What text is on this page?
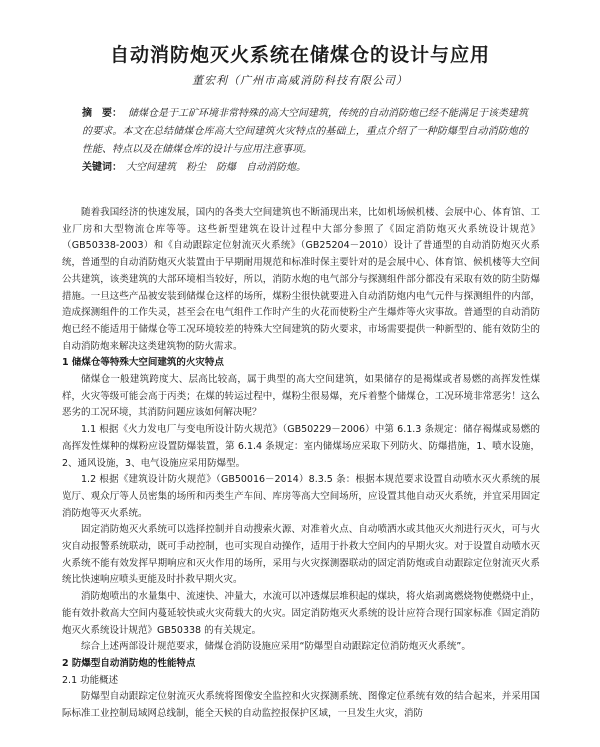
自动消防炮灭火系统在储煤仓的设计与应用
董宏利（广州市高威消防科技有限公司）
摘　要： 储煤仓是于工矿环境非常特殊的高大空间建筑，传统的自动消防炮已经不能满足于该类建筑的要求。本文在总结储煤仓库高大空间建筑火灾特点的基础上，重点介绍了一种防爆型自动消防炮的性能、特点以及在储煤仓库的设计与应用注意事项。
关键词： 大空间建筑　粉尘　防爆　自动消防炮。

随着我国经济的快速发展，国内的各类大空间建筑也不断涌现出来，比如机场候机楼、会展中心、体育馆、工业厂房和大型物流仓库等等。这些新型建筑在设计过程中大部分参照了《固定消防炮灭火系统设计规范》（GB50338-2003）和《自动跟踪定位射流灭火系统》（GB25204－2010）设计了普通型的自动消防炮灭火系统，普通型的自动消防炮灭火装置由于早期耐用规范和标准时保主要针对的是会展中心、体育馆、候机楼等大空间公共建筑，该类建筑的大部环境相当较好，所以，消防水炮的电气部分与探测组件部分都没有采取有效的防尘防爆措施。一旦这些产品被安装到储煤仓这样的场所，煤粉尘很快就要进入自动消防炮内电气元件与探测组件的内部，造成探测组件的工作失灵，甚至会在电气组件工作时产生的火花而使粉尘产生爆炸等火灾事故。普通型的自动消防炮已经不能适用于储煤仓等工况环境较差的特殊大空间建筑的防火要求，市场需要提供一种新型的、能有效防尘的自动消防炮来解决这类建筑物的防火需求。

1 储煤仓等特殊大空间建筑的火灾特点

储煤仓一般建筑跨度大、层高比较高，属于典型的高大空间建筑，如果储存的是褐煤或者易燃的高挥发性煤样，火灾等级可能会高于丙类；在煤的转运过程中，煤粉尘很易爆，充斥着整个储煤仓，工况环境非常恶劣！这么恶劣的工况环境，其消防问题应该如何解决呢？

1.1 根据《火力发电厂与变电所设计防火规范》（GB50229－2006）中第 6.1.3 条规定：储存褐煤或易燃的高挥发性煤种的煤粉应设置防爆装置，第 6.1.4 条规定：室内储煤场应采取下列防火、防爆措施，1、喷水设施，2、通风设施，3、电气设施应采用防爆型。

1.2 根据《建筑设计防火规范》（GB50016－2014）8.3.5 条：根据本规范要求设置自动喷水灭火系统的展览厅、观众厅等人员密集的场所和丙类生产车间、库房等高大空间场所，应设置其他自动灭火系统，并宜采用固定消防炮等灭火系统。

固定消防炮灭火系统可以选择控制并自动搜索火源、对准着火点、自动喷洒水或其他灭火剂进行灭火，可与火灾自动报警系统联动，既可手动控制，也可实现自动操作，适用于扑救大空间内的早期火灾。对于设置自动喷水灭火系统不能有效发挥早期响应和灭火作用的场所，采用与火灾探测器联动的固定消防炮或自动跟踪定位射流灭火系统比快速响应喷头更能及时扑救早期火灾。

消防炮喷出的水量集中、流速快、冲量大，水流可以冲透煤层堆积起的煤块，将火焰剥离燃烧物使燃烧中止，能有效扑救高大空间内蔓延较快或火灾荷载大的火灾。固定消防炮灭火系统的设计应符合现行国家标准《固定消防炮灭火系统设计规范》GB50338 的有关规定。

综合上述两部设计规范要求，储煤仓消防设施应采用“防爆型自动跟踪定位消防炮灭火系统”。

2 防爆型自动消防炮的性能特点
2.1 功能概述

防爆型自动跟踪定位射流灭火系统将图像安全监控和火灾探测系统、图像定位系统有效的结合起来，并采用国际标准工业控制局域网总线制，能全天候的自动监控报保护区域，一旦发生火灾，消防
